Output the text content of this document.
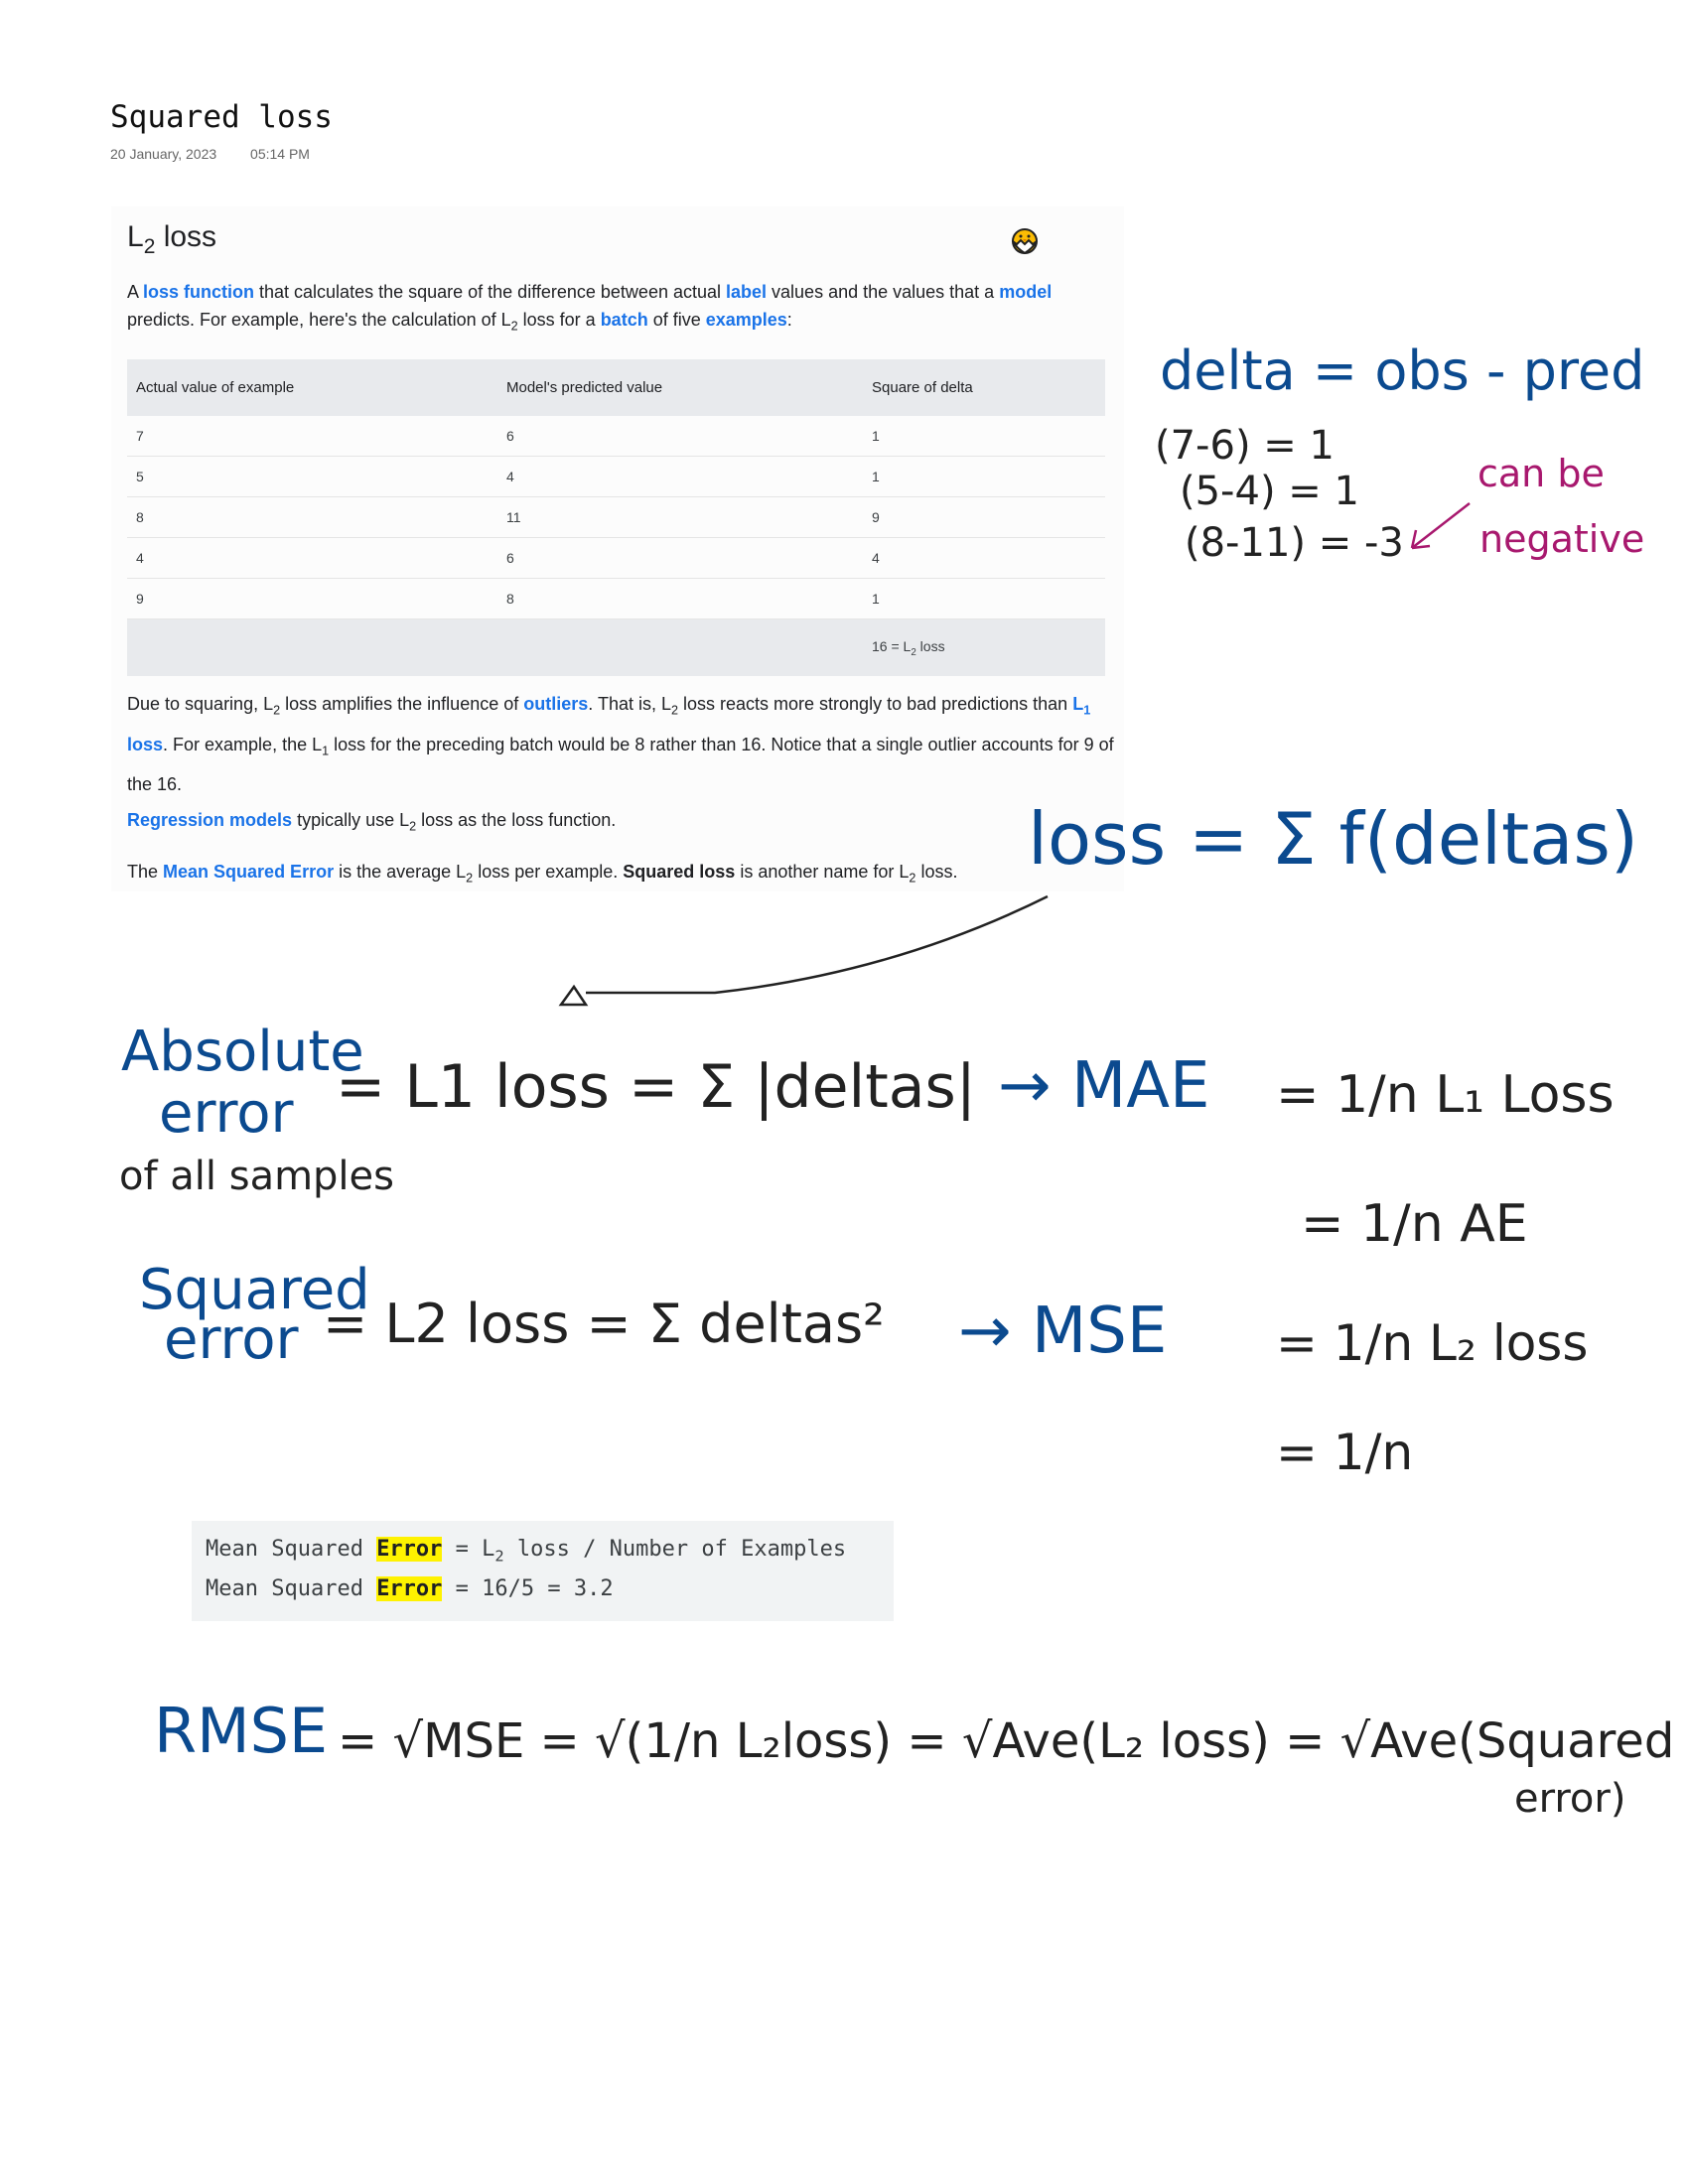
Squared loss
20 January, 2023 05:14 PM
$L_2$ loss

A loss function that calculates the square of the difference between actual label values and the values that a model predicts. For example, here's the calculation of $L_2$ loss for a batch of five examples:

Actual value of example	Model's predicted value	Square of delta
7	6	1
5	4	1
8	11	9
4	6	4
9	8	1
		$16 = L_2$ loss

Due to squaring, $L_2$ loss amplifies the influence of outliers. That is, $L_2$ loss reacts more strongly to bad predictions than $L_1$ loss. For example, the $L_1$ loss for the preceding batch would be 8 rather than 16. Notice that a single outlier accounts for 9 of the 16.

Regression models typically use $L_2$ loss as the loss function.

The Mean Squared Error is the average $L_2$ loss per example. Squared loss is another name for $L_2$ loss.

Mean Squared Error = $L_2$ loss / Number of Examples
Mean Squared Error = 16/5 = 3.2
delta = obs - pred
(7-6) = 1
(5-4) = 1
(8-11) = -3
can be
negative
loss = Σ f(deltas)
Absolute
error = L1 loss = Σ |deltas|
of all samples
→ MAE = 1/n L₁ Loss
= 1/n AE
Squared
error = L2 loss = Σ deltas² → MSE = 1/n L₂ loss
= 1/n
RMSE = √MSE = √(1/n L₂loss) = √Ave(L₂ loss) = √Ave(Squared
error)
